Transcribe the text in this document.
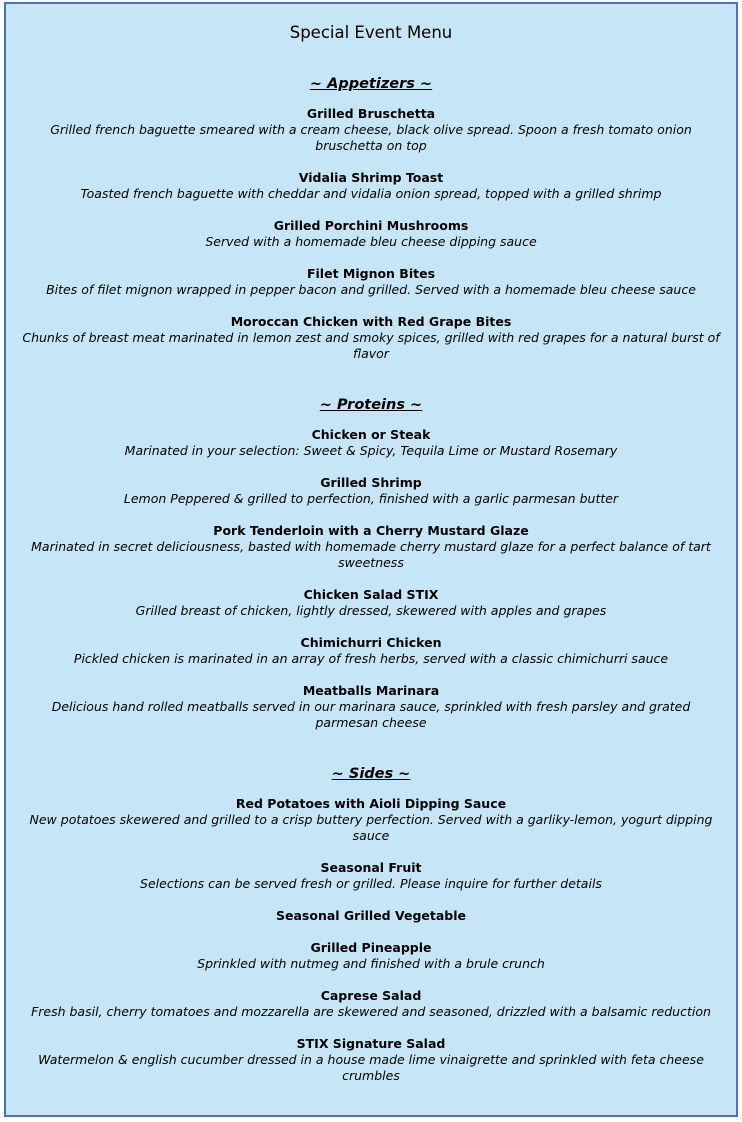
Special Event Menu
~ Appetizers ~
Grilled Bruschetta
Grilled french baguette smeared with a cream cheese, black olive spread. Spoon a fresh tomato onion bruschetta on top
Vidalia Shrimp Toast
Toasted french baguette with cheddar and vidalia onion spread, topped with a grilled shrimp
Grilled Porchini Mushrooms
Served with a homemade bleu cheese dipping sauce
Filet Mignon Bites
Bites of filet mignon wrapped in pepper bacon and grilled. Served with a homemade bleu cheese sauce
Moroccan Chicken with Red Grape Bites
Chunks of breast meat marinated in lemon zest and smoky spices, grilled with red grapes for a natural burst of flavor
~ Proteins ~
Chicken or Steak
Marinated in your selection: Sweet & Spicy, Tequila Lime or Mustard Rosemary
Grilled Shrimp
Lemon Peppered & grilled to perfection, finished with a garlic parmesan butter
Pork Tenderloin with a Cherry Mustard Glaze
Marinated in secret deliciousness, basted with homemade cherry mustard glaze for a perfect balance of tart sweetness
Chicken Salad STIX
Grilled breast of chicken, lightly dressed, skewered with apples and grapes
Chimichurri Chicken
Pickled chicken is marinated in an array of fresh herbs, served with a classic chimichurri sauce
Meatballs Marinara
Delicious hand rolled meatballs served in our marinara sauce, sprinkled with fresh parsley and grated parmesan cheese
~ Sides ~
Red Potatoes with Aioli Dipping Sauce
New potatoes skewered and grilled to a crisp buttery perfection. Served with a garliky-lemon, yogurt dipping sauce
Seasonal Fruit
Selections can be served fresh or grilled. Please inquire for further details
Seasonal Grilled Vegetable
Grilled Pineapple
Sprinkled with nutmeg and finished with a brule crunch
Caprese Salad
Fresh basil, cherry tomatoes and mozzarella are skewered and seasoned, drizzled with a balsamic reduction
STIX Signature Salad
Watermelon & english cucumber dressed in a house made lime vinaigrette and sprinkled with feta cheese crumbles
